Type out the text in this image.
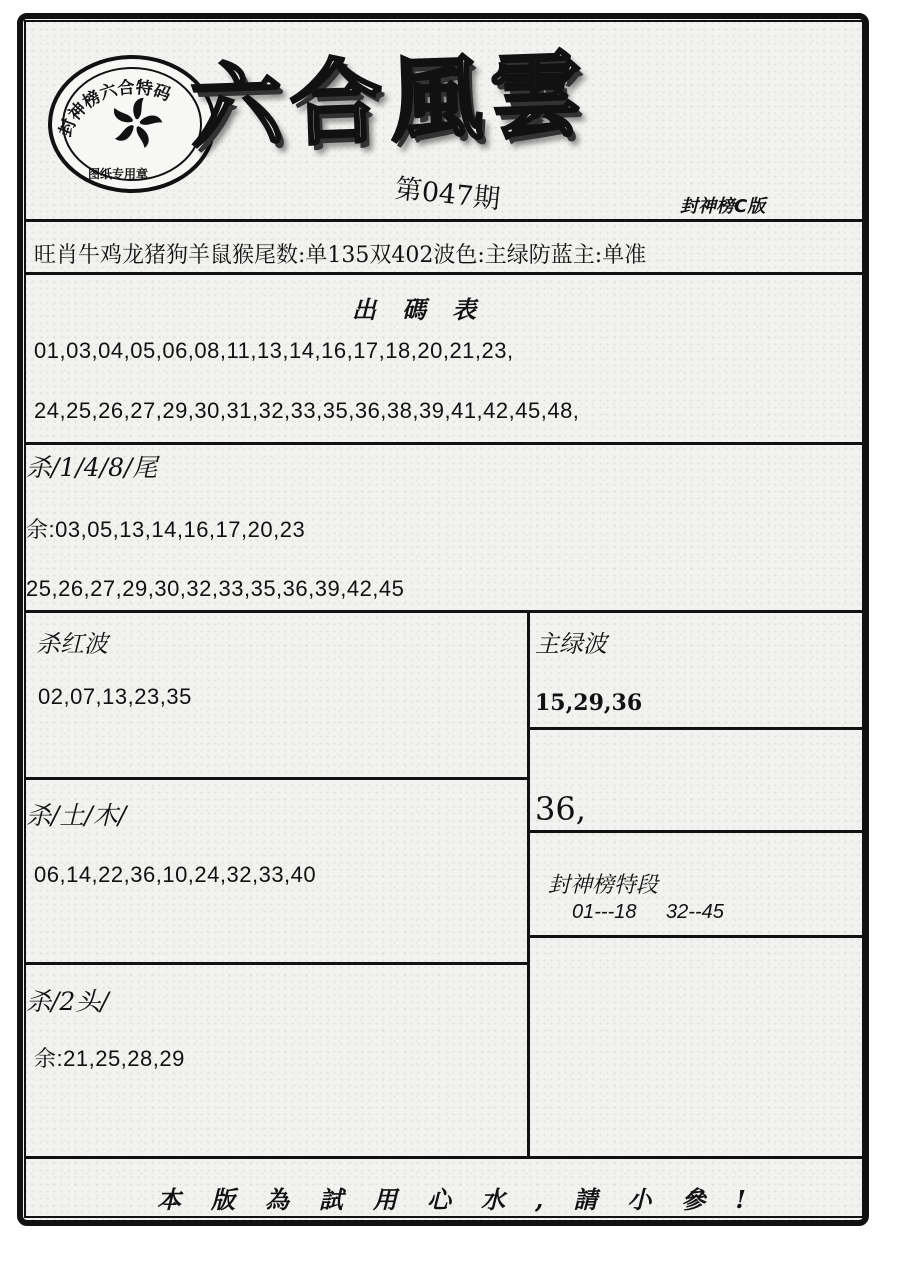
封神榜六合特码
图纸专用章
六合風雲
第047期	封神榜C版
旺肖牛鸡龙猪狗羊鼠猴尾数:单135双402波色:主绿防蓝主:单准
出碼表
01,03,04,05,06,08,11,13,14,16,17,18,20,21,23,
24,25,26,27,29,30,31,32,33,35,36,38,39,41,42,45,48,
杀/1/4/8/尾
余:03,05,13,14,16,17,20,23
25,26,27,29,30,32,33,35,36,39,42,45
杀红波
02,07,13,23,35
主绿波
15,29,36
36,
杀/土/木/
06,14,22,36,10,24,32,33,40	封神榜特段
01---18 32--45
杀/2头/
余:21,25,28,29
本版為試用心水,請小參!
